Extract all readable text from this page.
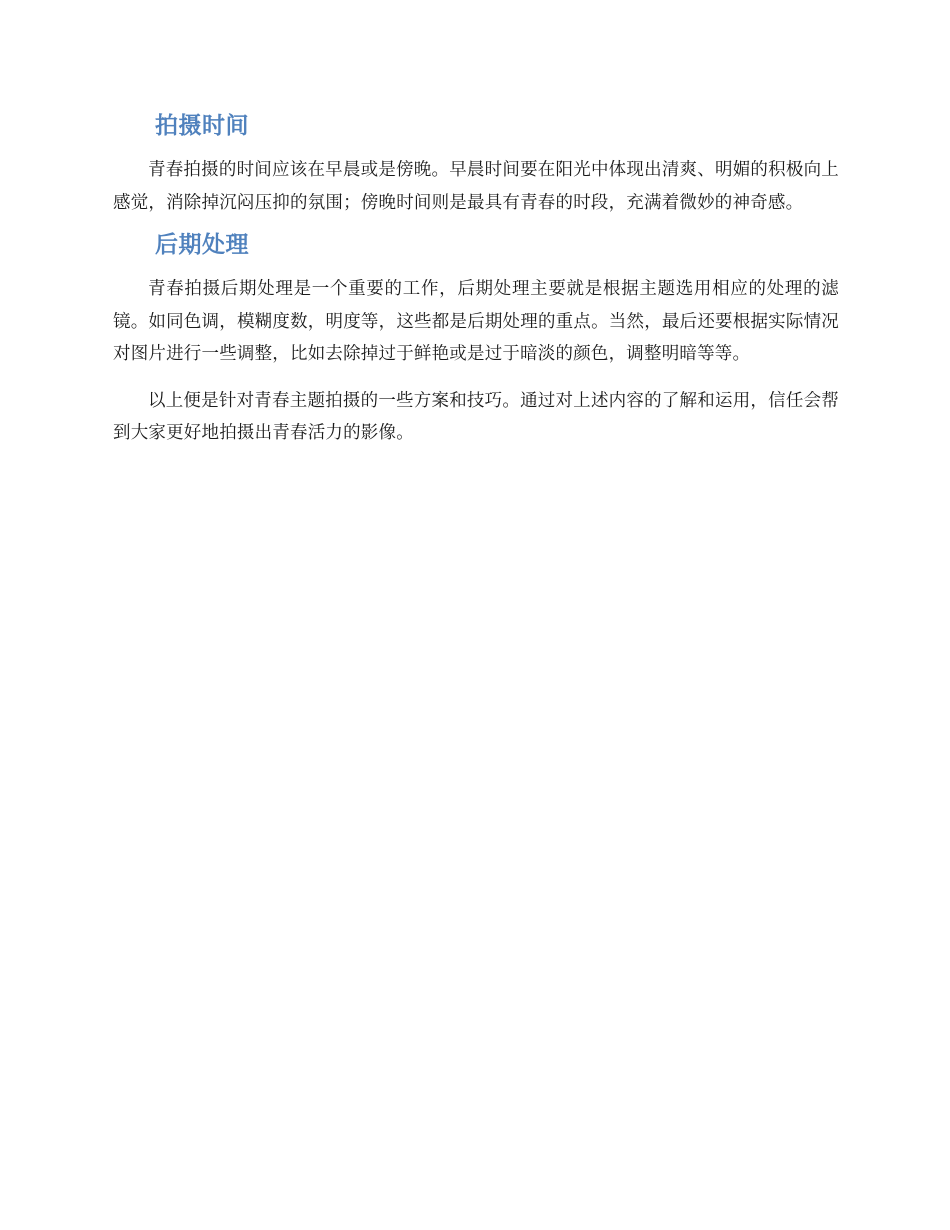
拍摄时间

青春拍摄的时间应该在早晨或是傍晚。早晨时间要在阳光中体现出清爽、明媚的积极向上感觉，消除掉沉闷压抑的氛围；傍晚时间则是最具有青春的时段，充满着微妙的神奇感。

后期处理

青春拍摄后期处理是一个重要的工作，后期处理主要就是根据主题选用相应的处理的滤镜。如同色调，模糊度数，明度等，这些都是后期处理的重点。当然，最后还要根据实际情况对图片进行一些调整，比如去除掉过于鲜艳或是过于暗淡的颜色，调整明暗等等。

以上便是针对青春主题拍摄的一些方案和技巧。通过对上述内容的了解和运用，信任会帮到大家更好地拍摄出青春活力的影像。
